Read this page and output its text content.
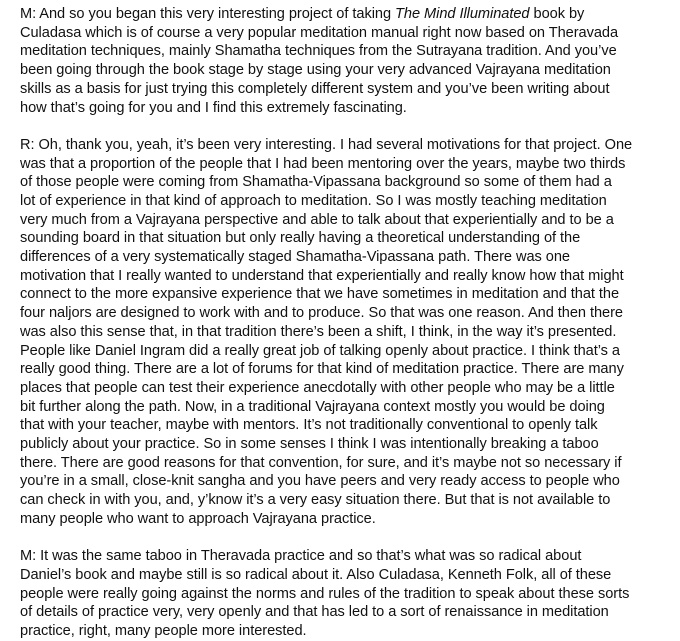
M: And so you began this very interesting project of taking The Mind Illuminated book by
Culadasa which is of course a very popular meditation manual right now based on Theravada
meditation techniques, mainly Shamatha techniques from the Sutrayana tradition. And you’ve
been going through the book stage by stage using your very advanced Vajrayana meditation
skills as a basis for just trying this completely different system and you’ve been writing about
how that’s going for you and I find this extremely fascinating.
R: Oh, thank you, yeah, it’s been very interesting. I had several motivations for that project. One
was that a proportion of the people that I had been mentoring over the years, maybe two thirds
of those people were coming from Shamatha-Vipassana background so some of them had a
lot of experience in that kind of approach to meditation. So I was mostly teaching meditation
very much from a Vajrayana perspective and able to talk about that experientially and to be a
sounding board in that situation but only really having a theoretical understanding of the
differences of a very systematically staged Shamatha-Vipassana path. There was one
motivation that I really wanted to understand that experientially and really know how that might
connect to the more expansive experience that we have sometimes in meditation and that the
four naljors are designed to work with and to produce. So that was one reason. And then there
was also this sense that, in that tradition there’s been a shift, I think, in the way it’s presented.
People like Daniel Ingram did a really great job of talking openly about practice. I think that’s a
really good thing. There are a lot of forums for that kind of meditation practice. There are many
places that people can test their experience anecdotally with other people who may be a little
bit further along the path. Now, in a traditional Vajrayana context mostly you would be doing
that with your teacher, maybe with mentors. It’s not traditionally conventional to openly talk
publicly about your practice. So in some senses I think I was intentionally breaking a taboo
there. There are good reasons for that convention, for sure, and it’s maybe not so necessary if
you’re in a small, close-knit sangha and you have peers and very ready access to people who
can check in with you, and, y’know it’s a very easy situation there. But that is not available to
many people who want to approach Vajrayana practice.
M: It was the same taboo in Theravada practice and so that’s what was so radical about
Daniel’s book and maybe still is so radical about it. Also Culadasa, Kenneth Folk, all of these
people were really going against the norms and rules of the tradition to speak about these sorts
of details of practice very, very openly and that has led to a sort of renaissance in meditation
practice, right, many people more interested.
